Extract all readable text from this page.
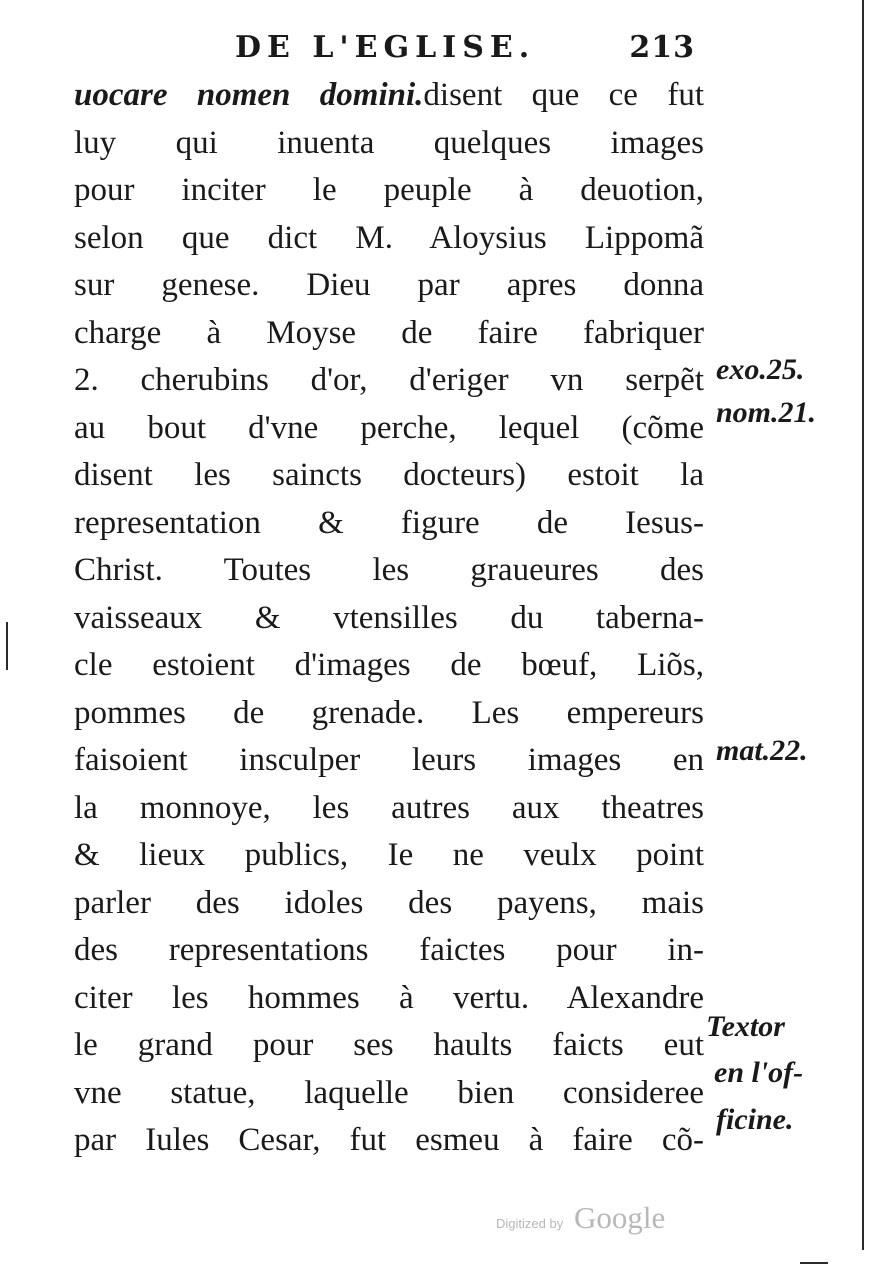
DE L'EGLISE.	213
uocare nomen domini.disent que ce fut
luy qui inuenta quelques images
pour inciter le peuple à deuotion,
selon que dict M. Aloysius Lippomã
sur genese. Dieu par apres donna
charge à Moyse de faire fabriquer
2. cherubins d'or, d'eriger vn serpẽt
au bout d'vne perche, lequel (cõme
disent les saincts docteurs) estoit la
representation & figure de Iesus-
Christ. Toutes les graueures des
vaisseaux & vtensilles du taberna-
cle estoient d'images de bœuf, Liõs,
pommes de grenade. Les empereurs
faisoient insculper leurs images en
la monnoye, les autres aux theatres
& lieux publics, Ie ne veulx point
parler des idoles des payens, mais
des representations faictes pour in-
citer les hommes à vertu. Alexandre
le grand pour ses haults faicts eut
vne statue, laquelle bien consideree
par Iules Cesar, fut esmeu à faire cõ-
exo.25.
nom.21.
mat.22.
Textor
en l'of-
ficine.
Digitized by Google
